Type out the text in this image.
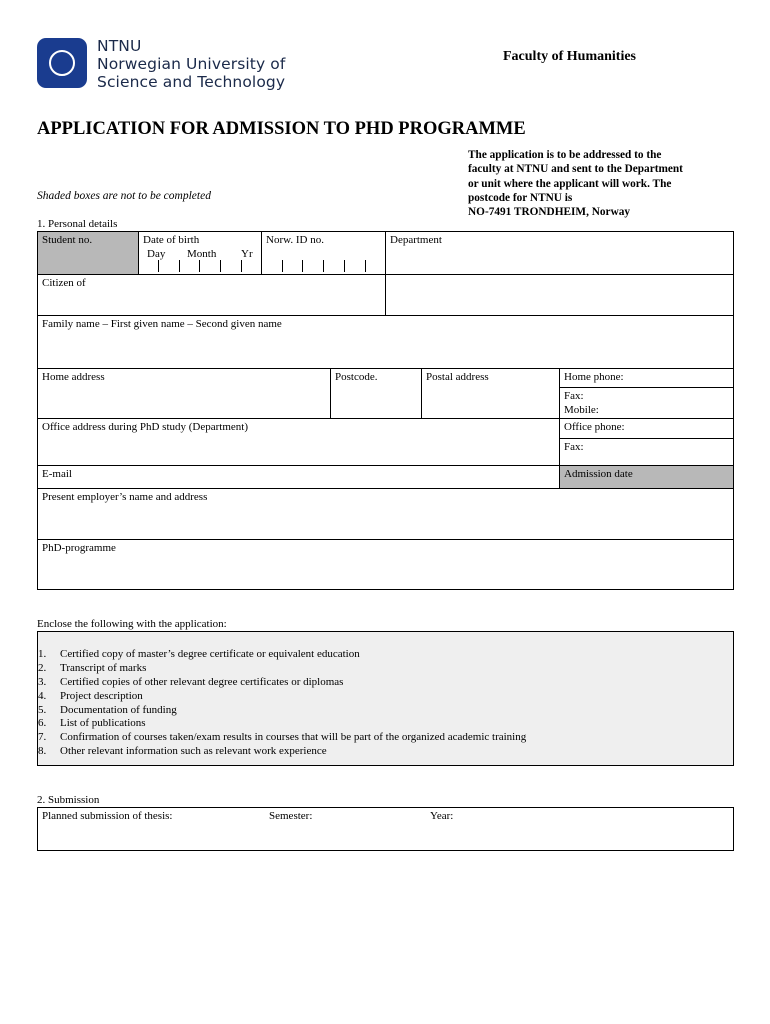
NTNU
Norwegian University of
Science and Technology
Faculty of Humanities
APPLICATION FOR ADMISSION TO PHD PROGRAMME
The application is to be addressed to the
faculty at NTNU and sent to the Department
or unit where the applicant will work. The
postcode for NTNU is
NO-7491 TRONDHEIM, Norway
Shaded boxes are not to be completed
1. Personal details
Student no.	Date of birth
Day Month Yr
Norw. ID no.	Department
Citizen of
Family name – First given name – Second given name
Home address	Postcode.	Postal address	Home phone:
Fax:
Mobile:
Office address during PhD study (Department)	Office phone:
Fax:
E-mail	Admission date
Present employer’s name and address
PhD-programme
Enclose the following with the application:
1.	Certified copy of master’s degree certificate or equivalent education
2.	Transcript of marks
3.	Certified copies of other relevant degree certificates or diplomas
4.	Project description
5.	Documentation of funding
6.	List of publications
7.	Confirmation of courses taken/exam results in courses that will be part of the organized academic training
8.	Other relevant information such as relevant work experience
2. Submission
Planned submission of thesis:	Semester:	Year:
